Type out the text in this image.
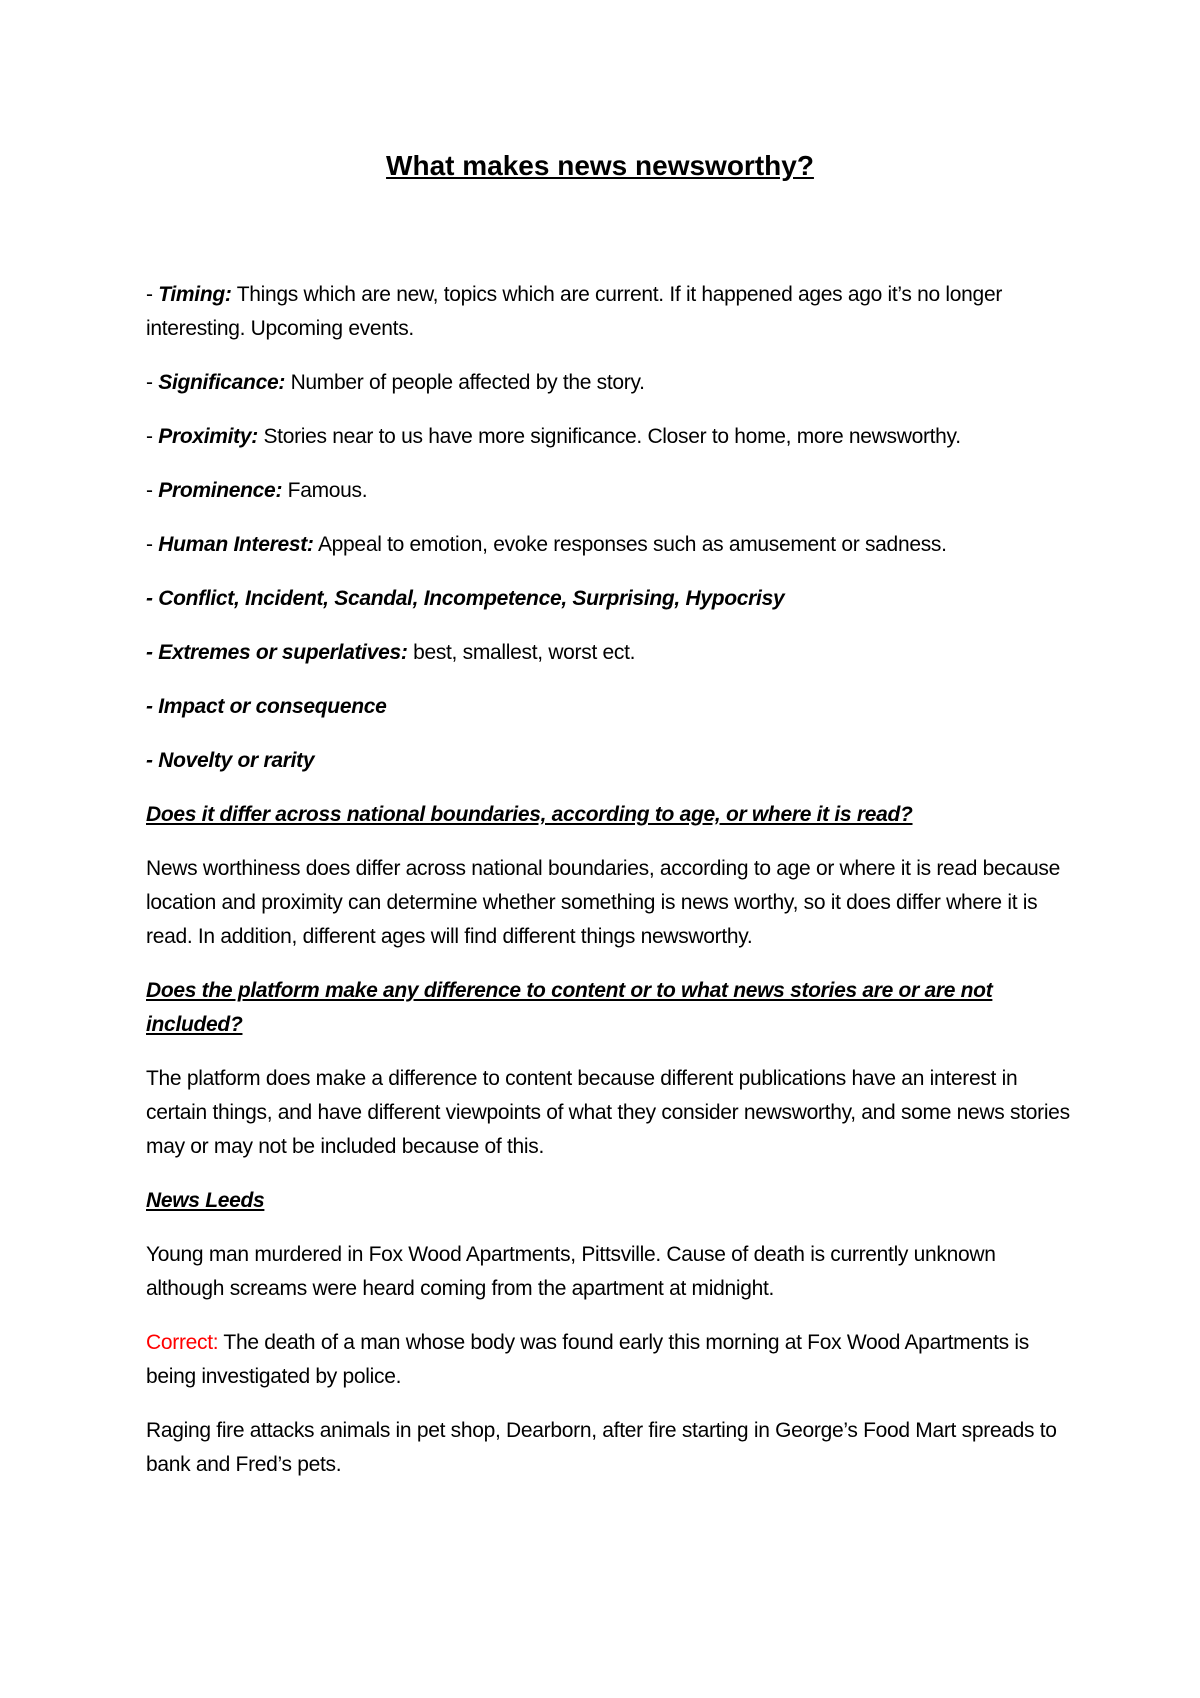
What makes news newsworthy?

- Timing: Things which are new, topics which are current. If it happened ages ago it’s no longer interesting. Upcoming events.

- Significance: Number of people affected by the story.

- Proximity: Stories near to us have more significance. Closer to home, more newsworthy.

- Prominence: Famous.

- Human Interest: Appeal to emotion, evoke responses such as amusement or sadness.

- Conflict, Incident, Scandal, Incompetence, Surprising, Hypocrisy

- Extremes or superlatives: best, smallest, worst ect.

- Impact or consequence

- Novelty or rarity

Does it differ across national boundaries, according to age, or where it is read?

News worthiness does differ across national boundaries, according to age or where it is read because location and proximity can determine whether something is news worthy, so it does differ where it is read. In addition, different ages will find different things newsworthy.

Does the platform make any difference to content or to what news stories are or are not included?

The platform does make a difference to content because different publications have an interest in certain things, and have different viewpoints of what they consider newsworthy, and some news stories may or may not be included because of this.

News Leeds

Young man murdered in Fox Wood Apartments, Pittsville. Cause of death is currently unknown although screams were heard coming from the apartment at midnight.

Correct: The death of a man whose body was found early this morning at Fox Wood Apartments is being investigated by police.

Raging fire attacks animals in pet shop, Dearborn, after fire starting in George’s Food Mart spreads to bank and Fred’s pets.
